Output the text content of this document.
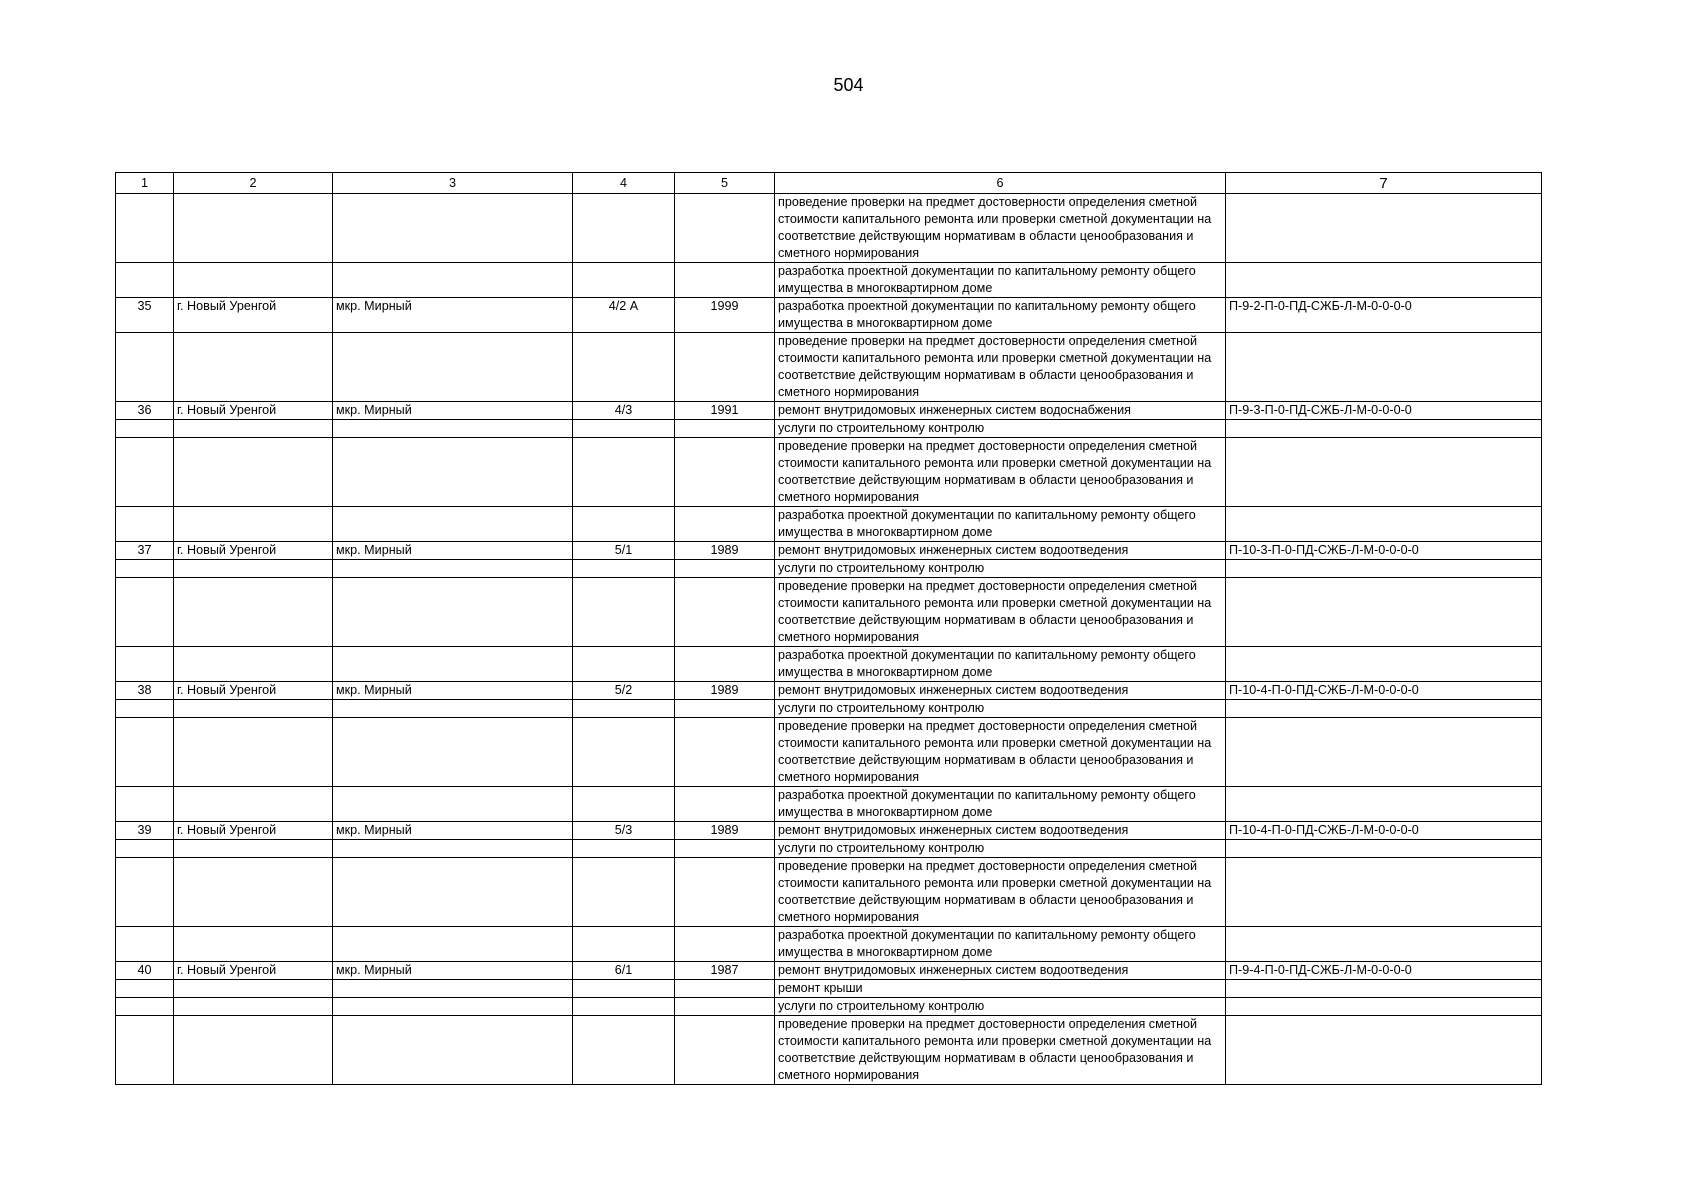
504
1	2	3	4	5	6	7
					проведение проверки на предмет достоверности определения сметной стоимости капитального ремонта или проверки сметной документации на соответствие действующим нормативам в области ценообразования и сметного нормирования	
					разработка проектной документации по капитальному ремонту общего имущества в многоквартирном доме	
35	г. Новый Уренгой	мкр. Мирный	4/2 А	1999	разработка проектной документации по капитальному ремонту общего имущества в многоквартирном доме	П-9-2-П-0-ПД-СЖБ-Л-М-0-0-0-0
					проведение проверки на предмет достоверности определения сметной стоимости капитального ремонта или проверки сметной документации на соответствие действующим нормативам в области ценообразования и сметного нормирования	
36	г. Новый Уренгой	мкр. Мирный	4/3	1991	ремонт внутридомовых инженерных систем водоснабжения	П-9-3-П-0-ПД-СЖБ-Л-М-0-0-0-0
					услуги по строительному контролю	
					проведение проверки на предмет достоверности определения сметной стоимости капитального ремонта или проверки сметной документации на соответствие действующим нормативам в области ценообразования и сметного нормирования	
					разработка проектной документации по капитальному ремонту общего имущества в многоквартирном доме	
37	г. Новый Уренгой	мкр. Мирный	5/1	1989	ремонт внутридомовых инженерных систем водоотведения	П-10-3-П-0-ПД-СЖБ-Л-М-0-0-0-0
					услуги по строительному контролю	
					проведение проверки на предмет достоверности определения сметной стоимости капитального ремонта или проверки сметной документации на соответствие действующим нормативам в области ценообразования и сметного нормирования	
					разработка проектной документации по капитальному ремонту общего имущества в многоквартирном доме	
38	г. Новый Уренгой	мкр. Мирный	5/2	1989	ремонт внутридомовых инженерных систем водоотведения	П-10-4-П-0-ПД-СЖБ-Л-М-0-0-0-0
					услуги по строительному контролю	
					проведение проверки на предмет достоверности определения сметной стоимости капитального ремонта или проверки сметной документации на соответствие действующим нормативам в области ценообразования и сметного нормирования	
					разработка проектной документации по капитальному ремонту общего имущества в многоквартирном доме	
39	г. Новый Уренгой	мкр. Мирный	5/3	1989	ремонт внутридомовых инженерных систем водоотведения	П-10-4-П-0-ПД-СЖБ-Л-М-0-0-0-0
					услуги по строительному контролю	
					проведение проверки на предмет достоверности определения сметной стоимости капитального ремонта или проверки сметной документации на соответствие действующим нормативам в области ценообразования и сметного нормирования	
					разработка проектной документации по капитальному ремонту общего имущества в многоквартирном доме	
40	г. Новый Уренгой	мкр. Мирный	6/1	1987	ремонт внутридомовых инженерных систем водоотведения	П-9-4-П-0-ПД-СЖБ-Л-М-0-0-0-0
					ремонт крыши	
					услуги по строительному контролю	
					проведение проверки на предмет достоверности определения сметной стоимости капитального ремонта или проверки сметной документации на соответствие действующим нормативам в области ценообразования и сметного нормирования	
